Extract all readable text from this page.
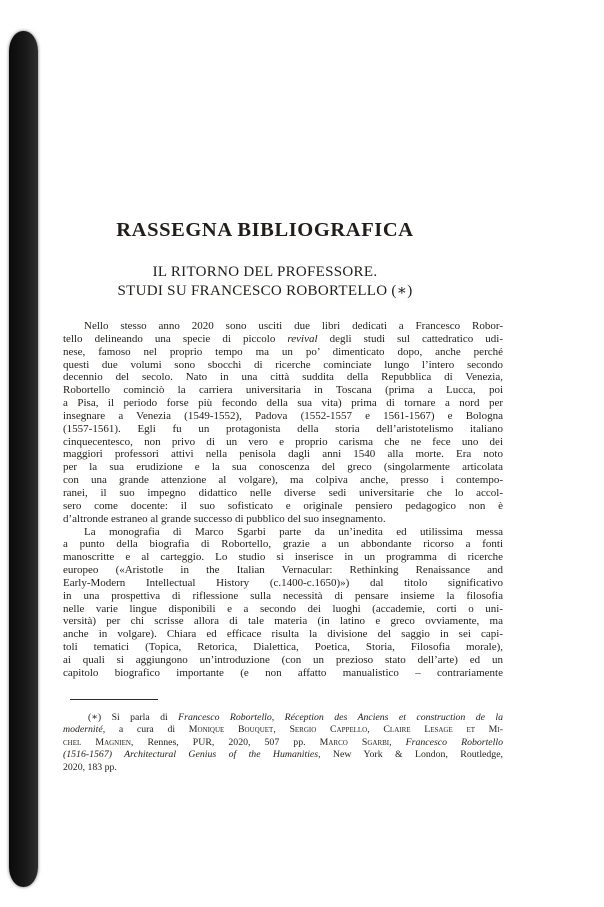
RASSEGNA BIBLIOGRAFICA
IL RITORNO DEL PROFESSORE.
STUDI SU FRANCESCO ROBORTELLO (∗)
Nello stesso anno 2020 sono usciti due libri dedicati a Francesco Robor-
tello delineando una specie di piccolo revival degli studi sul cattedratico udi-
nese, famoso nel proprio tempo ma un po’ dimenticato dopo, anche perché
questi due volumi sono sbocchi di ricerche cominciate lungo l’intero secondo
decennio del secolo. Nato in una città suddita della Repubblica di Venezia,
Robortello cominciò la carriera universitaria in Toscana (prima a Lucca, poi
a Pisa, il periodo forse più fecondo della sua vita) prima di tornare a nord per
insegnare a Venezia (1549-1552), Padova (1552-1557 e 1561-1567) e Bologna
(1557-1561). Egli fu un protagonista della storia dell’aristotelismo italiano
cinquecentesco, non privo di un vero e proprio carisma che ne fece uno dei
maggiori professori attivi nella penisola dagli anni 1540 alla morte. Era noto
per la sua erudizione e la sua conoscenza del greco (singolarmente articolata
con una grande attenzione al volgare), ma colpiva anche, presso i contempo-
ranei, il suo impegno didattico nelle diverse sedi universitarie che lo accol-
sero come docente: il suo sofisticato e originale pensiero pedagogico non è
d’altronde estraneo al grande successo di pubblico del suo insegnamento.
La monografia di Marco Sgarbi parte da un’inedita ed utilissima messa
a punto della biografia di Robortello, grazie a un abbondante ricorso a fonti
manoscritte e al carteggio. Lo studio si inserisce in un programma di ricerche
europeo («Aristotle in the Italian Vernacular: Rethinking Renaissance and
Early-Modern Intellectual History (c.1400-c.1650)») dal titolo significativo
in una prospettiva di riflessione sulla necessità di pensare insieme la filosofia
nelle varie lingue disponibili e a secondo dei luoghi (accademie, corti o uni-
versità) per chi scrisse allora di tale materia (in latino e greco ovviamente, ma
anche in volgare). Chiara ed efficace risulta la divisione del saggio in sei capi-
toli tematici (Topica, Retorica, Dialettica, Poetica, Storia, Filosofia morale),
ai quali si aggiungono un’introduzione (con un prezioso stato dell’arte) ed un
capitolo biografico importante (e non affatto manualistico – contrariamente
(∗) Si parla di Francesco Robortello, Réception des Anciens et construction de la
modernité, a cura di Monique Bouquet, Sergio Cappello, Claire Lesage et Mi-
chel Magnien, Rennes, PUR, 2020, 507 pp. Marco Sgarbi, Francesco Robortello
(1516-1567) Architectural Genius of the Humanities, New York & London, Routledge,
2020, 183 pp.
